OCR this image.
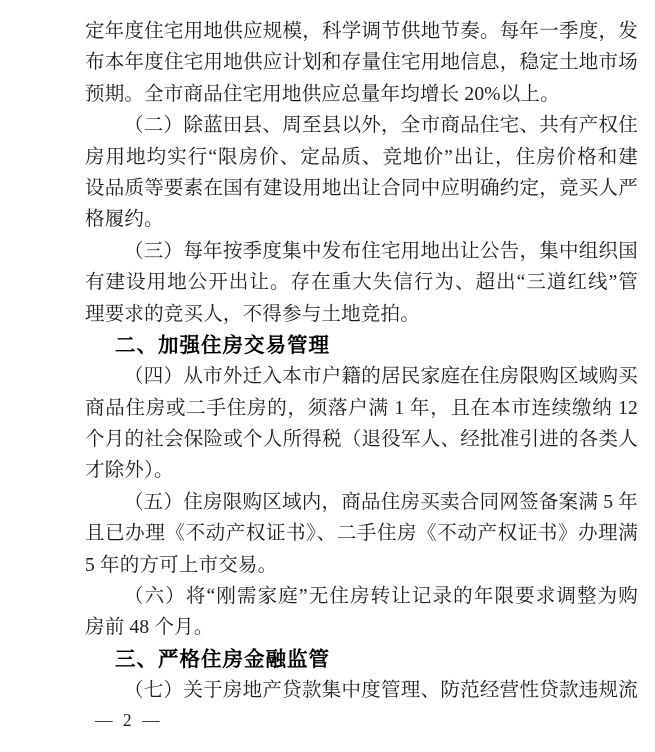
定年度住宅用地供应规模，科学调节供地节奏。每年一季度，发
布本年度住宅用地供应计划和存量住宅用地信息，稳定土地市场
预期。全市商品住宅用地供应总量年均增长 20%以上。
（二）除蓝田县、周至县以外，全市商品住宅、共有产权住
房用地均实行“限房价、定品质、竞地价”出让，住房价格和建
设品质等要素在国有建设用地出让合同中应明确约定，竞买人严
格履约。
（三）每年按季度集中发布住宅用地出让公告，集中组织国
有建设用地公开出让。存在重大失信行为、超出“三道红线”管
理要求的竞买人，不得参与土地竞拍。
二、加强住房交易管理
（四）从市外迁入本市户籍的居民家庭在住房限购区域购买
商品住房或二手住房的，须落户满 1 年，且在本市连续缴纳 12
个月的社会保险或个人所得税（退役军人、经批准引进的各类人
才除外）。
（五）住房限购区域内，商品住房买卖合同网签备案满 5 年
且已办理《不动产权证书》、二手住房《不动产权证书》办理满
5 年的方可上市交易。
（六）将“刚需家庭”无住房转让记录的年限要求调整为购
房前 48 个月。
三、严格住房金融监管
（七）关于房地产贷款集中度管理、防范经营性贷款违规流
— 2 —
